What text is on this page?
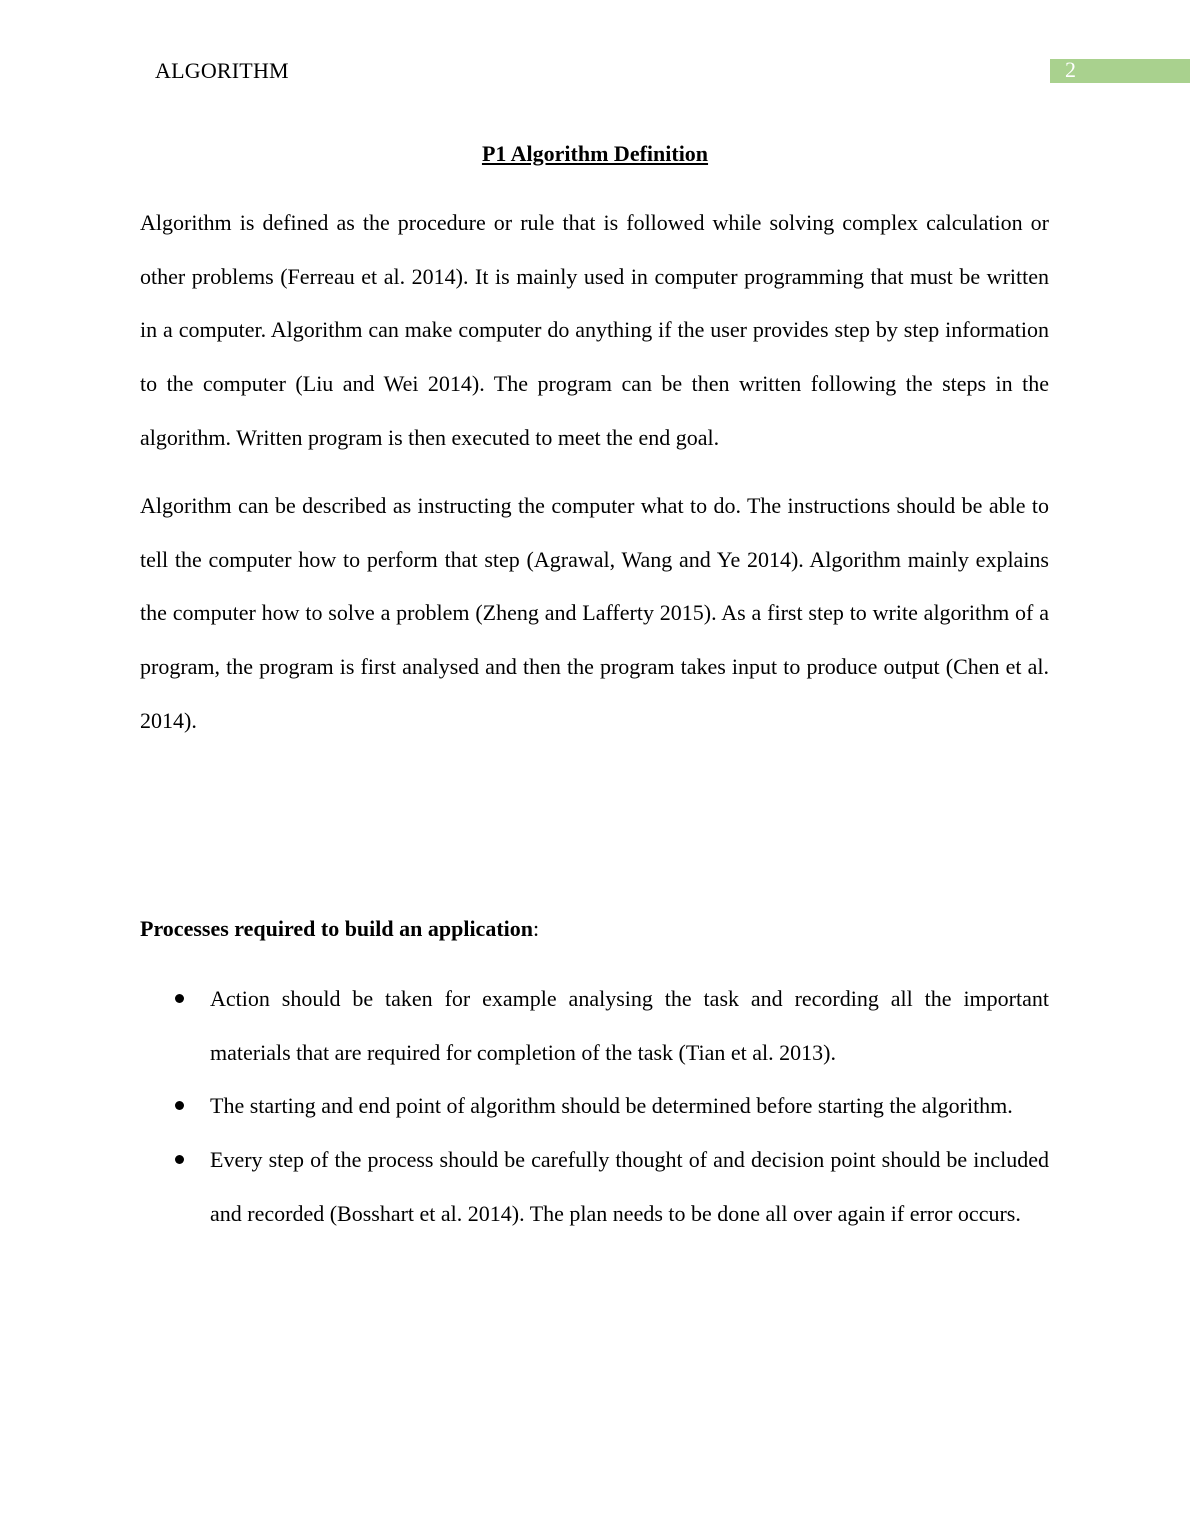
ALGORITHM	2
P1 Algorithm Definition

Algorithm is defined as the procedure or rule that is followed while solving complex calculation or other problems (Ferreau et al. 2014). It is mainly used in computer programming that must be written in a computer. Algorithm can make computer do anything if the user provides step by step information to the computer (Liu and Wei 2014). The program can be then written following the steps in the algorithm. Written program is then executed to meet the end goal.

Algorithm can be described as instructing the computer what to do. The instructions should be able to tell the computer how to perform that step (Agrawal, Wang and Ye 2014). Algorithm mainly explains the computer how to solve a problem (Zheng and Lafferty 2015). As a first step to write algorithm of a program, the program is first analysed and then the program takes input to produce output (Chen et al. 2014).

Processes required to build an application:
Action should be taken for example analysing the task and recording all the important materials that are required for completion of the task (Tian et al. 2013).
The starting and end point of algorithm should be determined before starting the algorithm.
Every step of the process should be carefully thought of and decision point should be included and recorded (Bosshart et al. 2014). The plan needs to be done all over again if error occurs.
